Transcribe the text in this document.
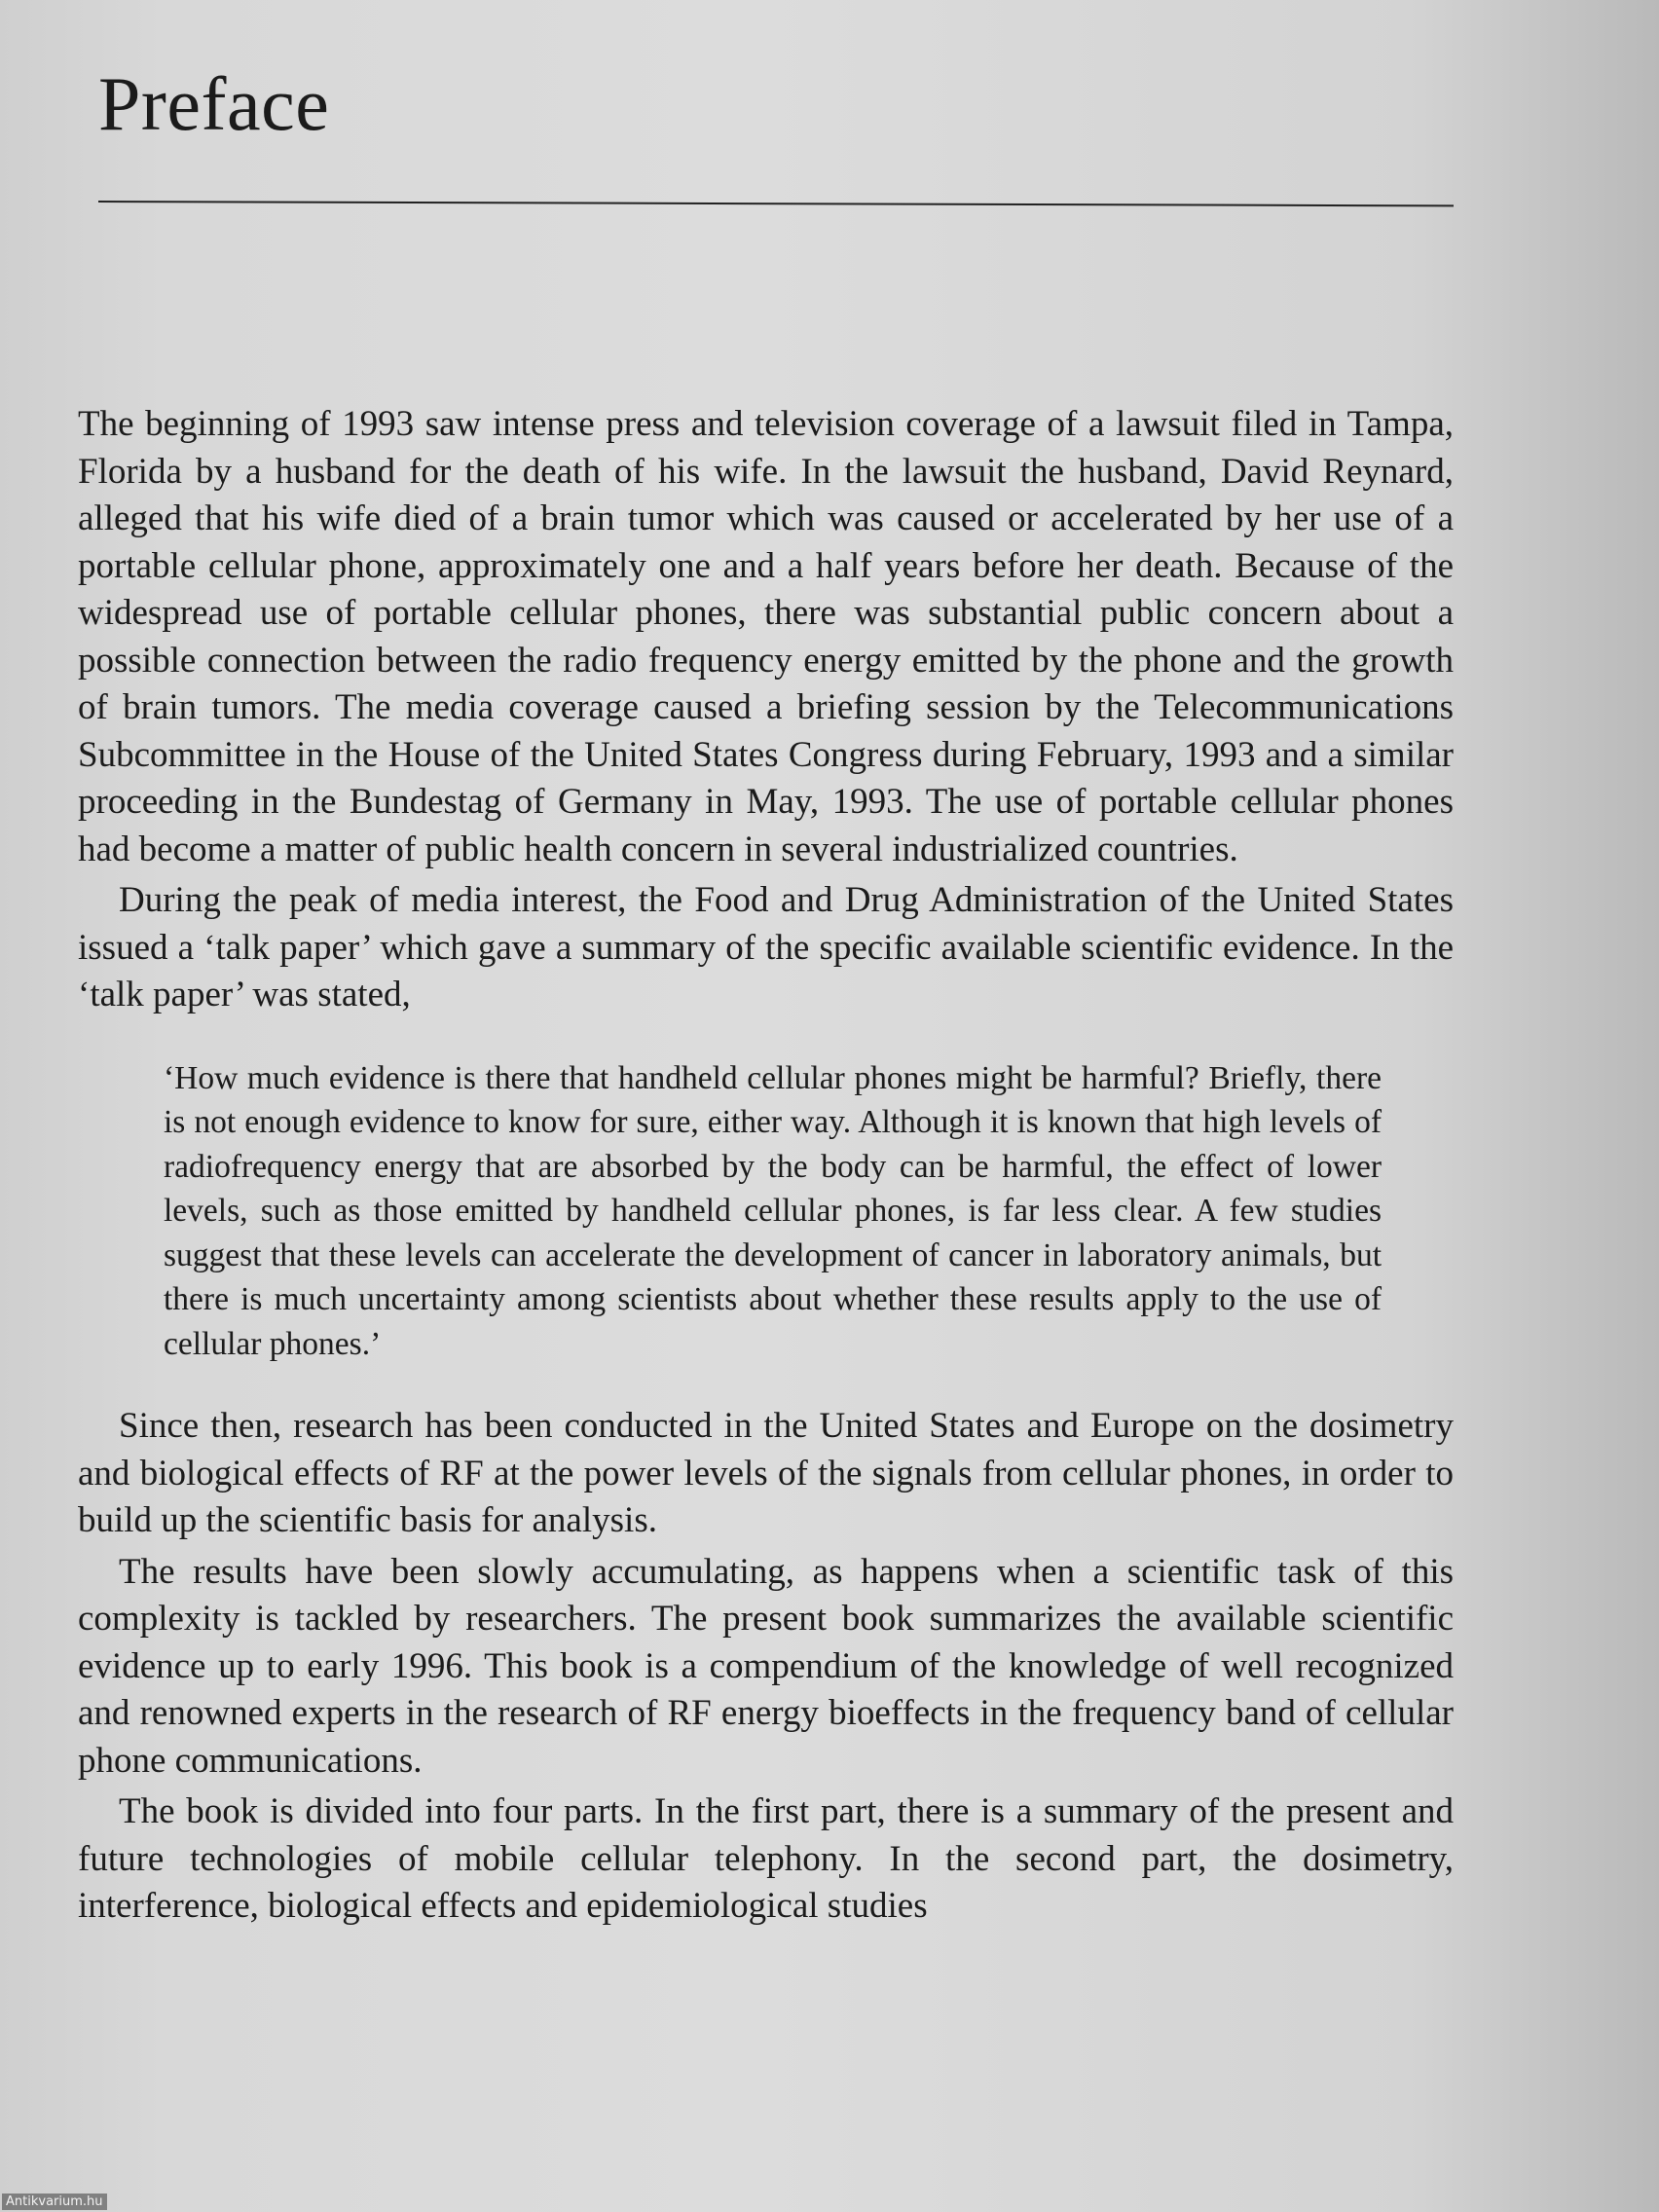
Preface

The beginning of 1993 saw intense press and television coverage of a lawsuit filed in Tampa, Florida by a husband for the death of his wife. In the lawsuit the husband, David Reynard, alleged that his wife died of a brain tumor which was caused or accelerated by her use of a portable cellular phone, approximately one and a half years before her death. Because of the widespread use of portable cellular phones, there was substantial public concern about a possible connection between the radio frequency energy emitted by the phone and the growth of brain tumors. The media coverage caused a briefing session by the Telecommunications Subcommittee in the House of the United States Congress during February, 1993 and a similar proceeding in the Bundestag of Germany in May, 1993. The use of portable cellular phones had become a matter of public health concern in several industrialized countries.

During the peak of media interest, the Food and Drug Administration of the United States issued a ‘talk paper’ which gave a summary of the specific available scientific evidence. In the ‘talk paper’ was stated,

‘How much evidence is there that handheld cellular phones might be harmful? Briefly, there is not enough evidence to know for sure, either way. Although it is known that high levels of radiofrequency energy that are absorbed by the body can be harmful, the effect of lower levels, such as those emitted by handheld cellular phones, is far less clear. A few studies suggest that these levels can accelerate the development of cancer in laboratory animals, but there is much uncertainty among scientists about whether these results apply to the use of cellular phones.’

Since then, research has been conducted in the United States and Europe on the dosimetry and biological effects of RF at the power levels of the signals from cellular phones, in order to build up the scientific basis for analysis.

The results have been slowly accumulating, as happens when a scientific task of this complexity is tackled by researchers. The present book summarizes the available scientific evidence up to early 1996. This book is a compendium of the knowledge of well recognized and renowned experts in the research of RF energy bioeffects in the frequency band of cellular phone communications.

The book is divided into four parts. In the first part, there is a summary of the present and future technologies of mobile cellular telephony. In the second part, the dosimetry, interference, biological effects and epidemiological studies

Antikvarium.hu
